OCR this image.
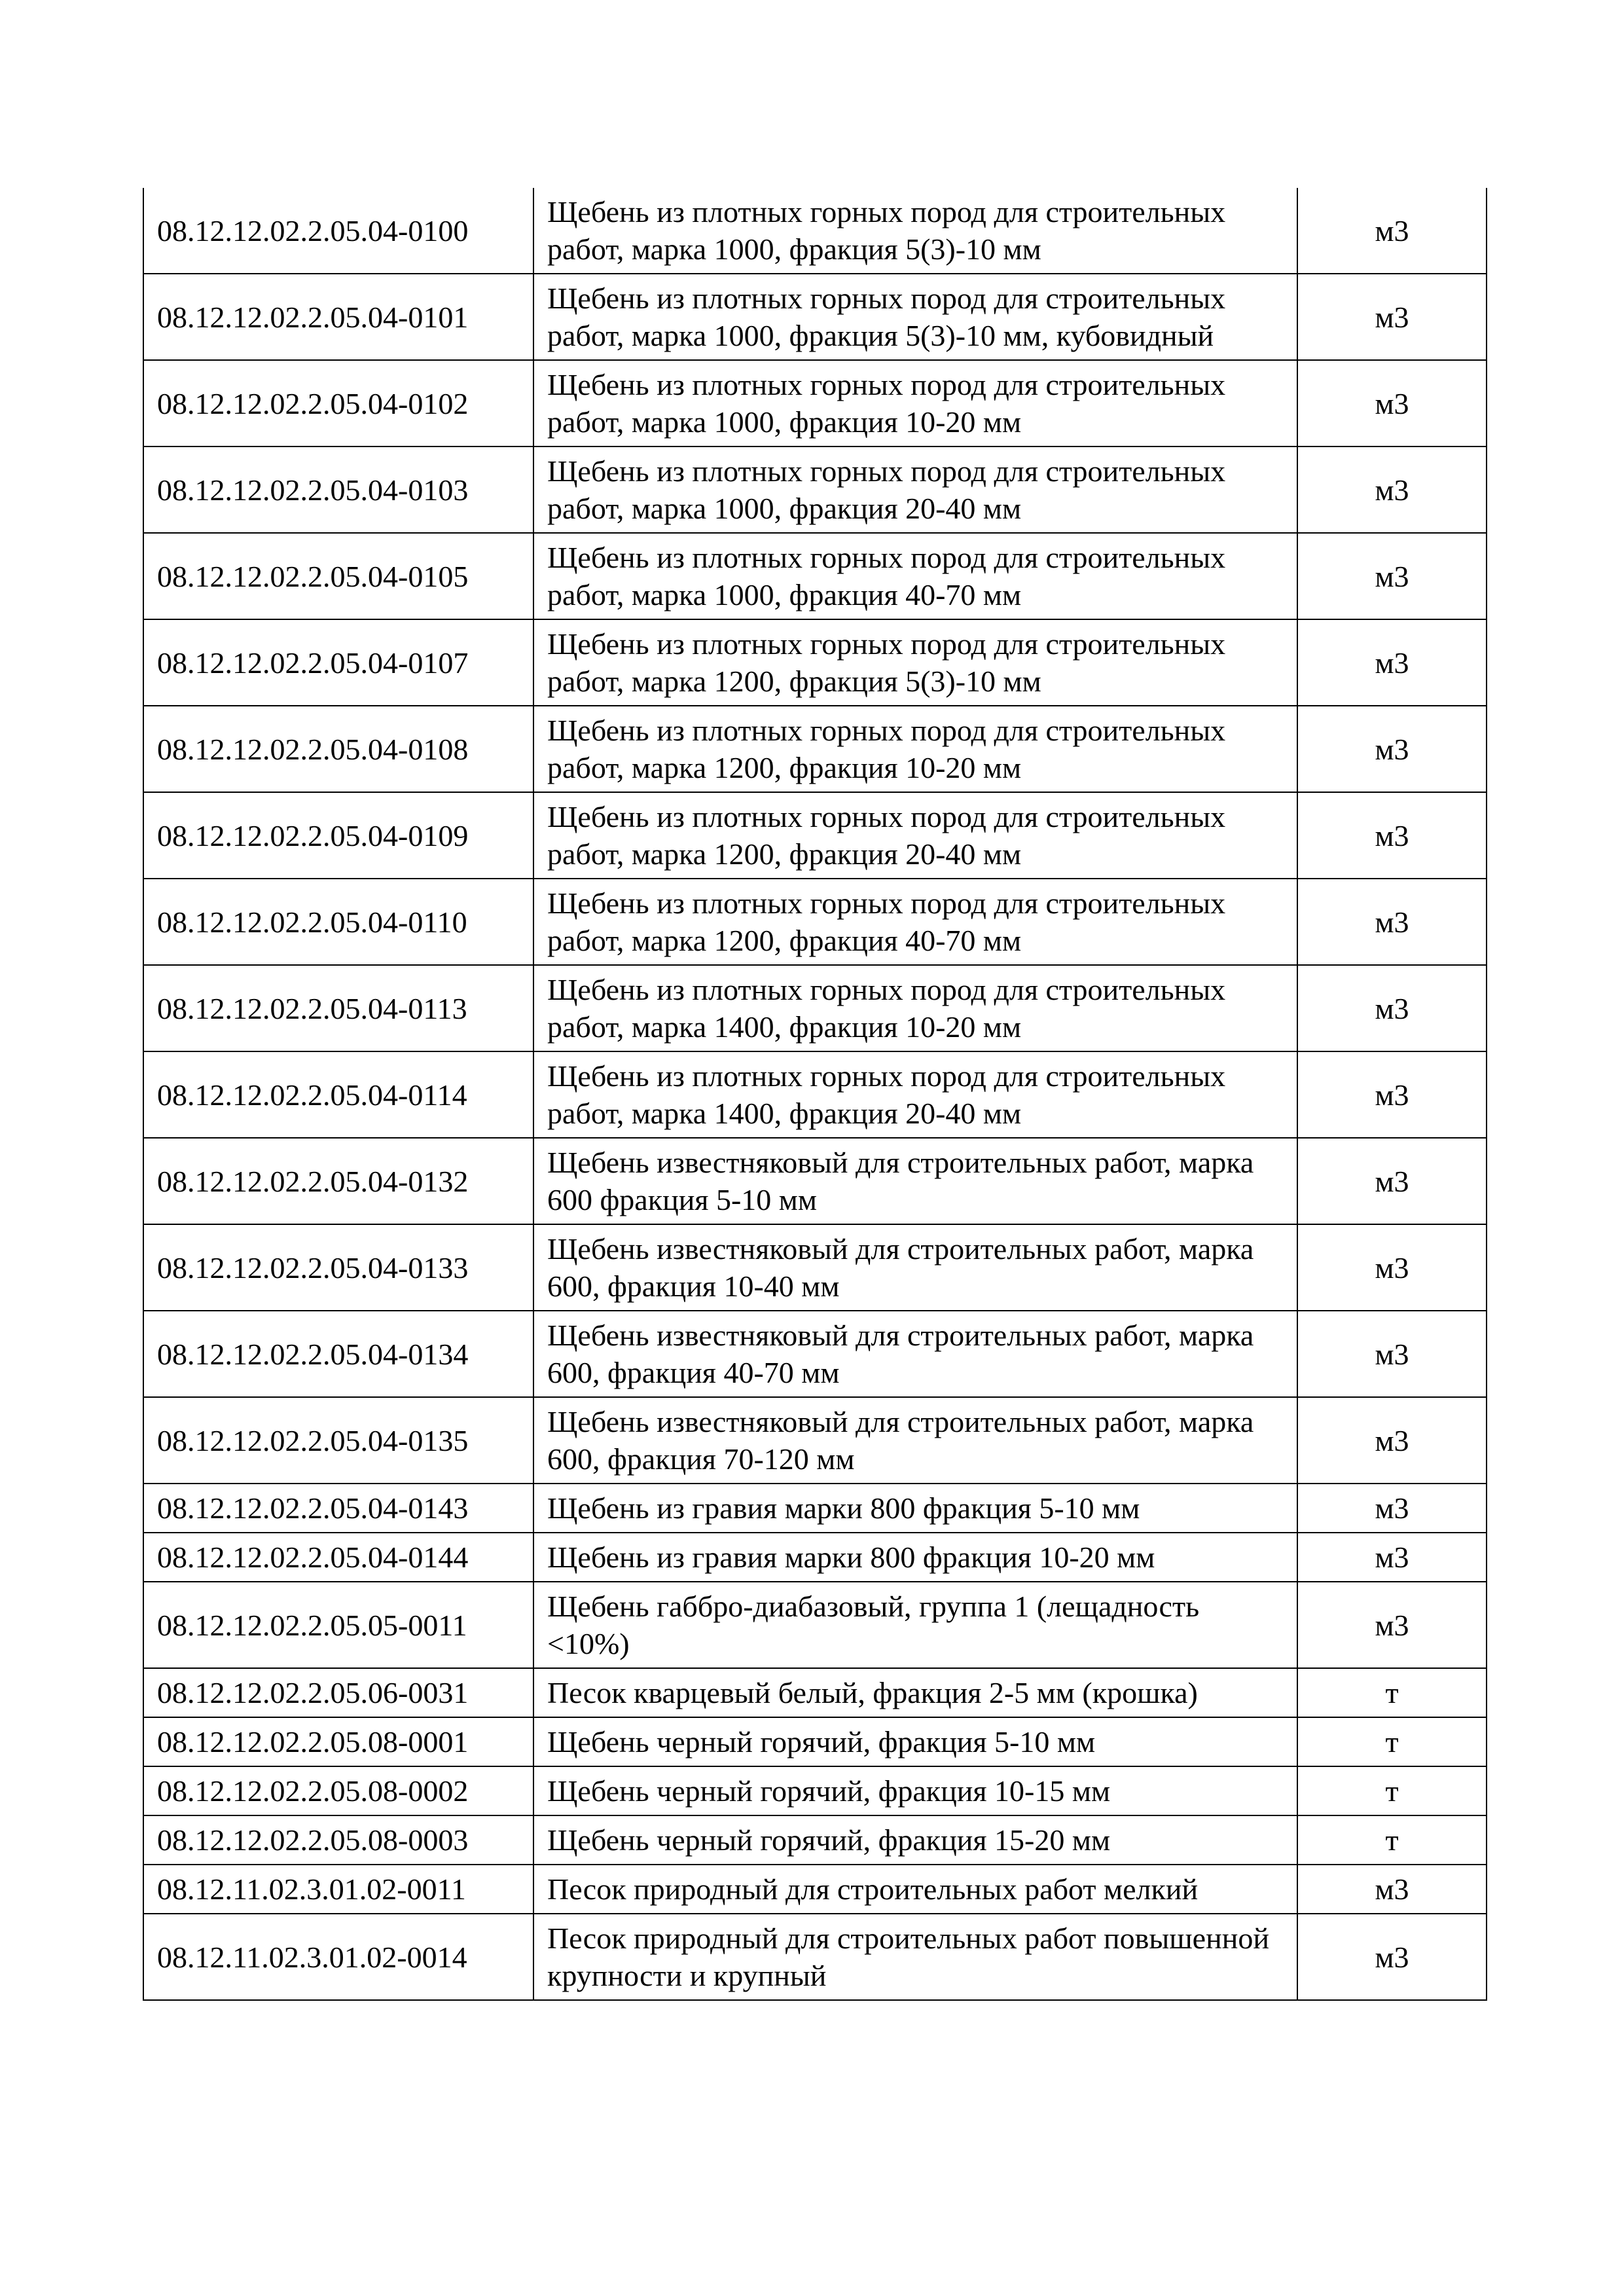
08.12.12.02.2.05.04-0100	Щебень из плотных горных пород для строительных работ, марка 1000, фракция 5(3)-10 мм	м3
08.12.12.02.2.05.04-0101	Щебень из плотных горных пород для строительных работ, марка 1000, фракция 5(3)-10 мм, кубовидный	м3
08.12.12.02.2.05.04-0102	Щебень из плотных горных пород для строительных работ, марка 1000, фракция 10-20 мм	м3
08.12.12.02.2.05.04-0103	Щебень из плотных горных пород для строительных работ, марка 1000, фракция 20-40 мм	м3
08.12.12.02.2.05.04-0105	Щебень из плотных горных пород для строительных работ, марка 1000, фракция 40-70 мм	м3
08.12.12.02.2.05.04-0107	Щебень из плотных горных пород для строительных работ, марка 1200, фракция 5(3)-10 мм	м3
08.12.12.02.2.05.04-0108	Щебень из плотных горных пород для строительных работ, марка 1200, фракция 10-20 мм	м3
08.12.12.02.2.05.04-0109	Щебень из плотных горных пород для строительных работ, марка 1200, фракция 20-40 мм	м3
08.12.12.02.2.05.04-0110	Щебень из плотных горных пород для строительных работ, марка 1200, фракция 40-70 мм	м3
08.12.12.02.2.05.04-0113	Щебень из плотных горных пород для строительных работ, марка 1400, фракция 10-20 мм	м3
08.12.12.02.2.05.04-0114	Щебень из плотных горных пород для строительных работ, марка 1400, фракция 20-40 мм	м3
08.12.12.02.2.05.04-0132	Щебень известняковый для строительных работ, марка 600 фракция 5-10 мм	м3
08.12.12.02.2.05.04-0133	Щебень известняковый для строительных работ, марка 600, фракция 10-40 мм	м3
08.12.12.02.2.05.04-0134	Щебень известняковый для строительных работ, марка 600, фракция 40-70 мм	м3
08.12.12.02.2.05.04-0135	Щебень известняковый для строительных работ, марка 600, фракция 70-120 мм	м3
08.12.12.02.2.05.04-0143	Щебень из гравия марки 800 фракция 5-10 мм	м3
08.12.12.02.2.05.04-0144	Щебень из гравия марки 800 фракция 10-20 мм	м3
08.12.12.02.2.05.05-0011	Щебень габбро-диабазовый, группа 1 (лещадность <10%)	м3
08.12.12.02.2.05.06-0031	Песок кварцевый белый, фракция 2-5 мм (крошка)	т
08.12.12.02.2.05.08-0001	Щебень черный горячий, фракция 5-10 мм	т
08.12.12.02.2.05.08-0002	Щебень черный горячий, фракция 10-15 мм	т
08.12.12.02.2.05.08-0003	Щебень черный горячий, фракция 15-20 мм	т
08.12.11.02.3.01.02-0011	Песок природный для строительных работ мелкий	м3
08.12.11.02.3.01.02-0014	Песок природный для строительных работ повышенной крупности и крупный	м3
